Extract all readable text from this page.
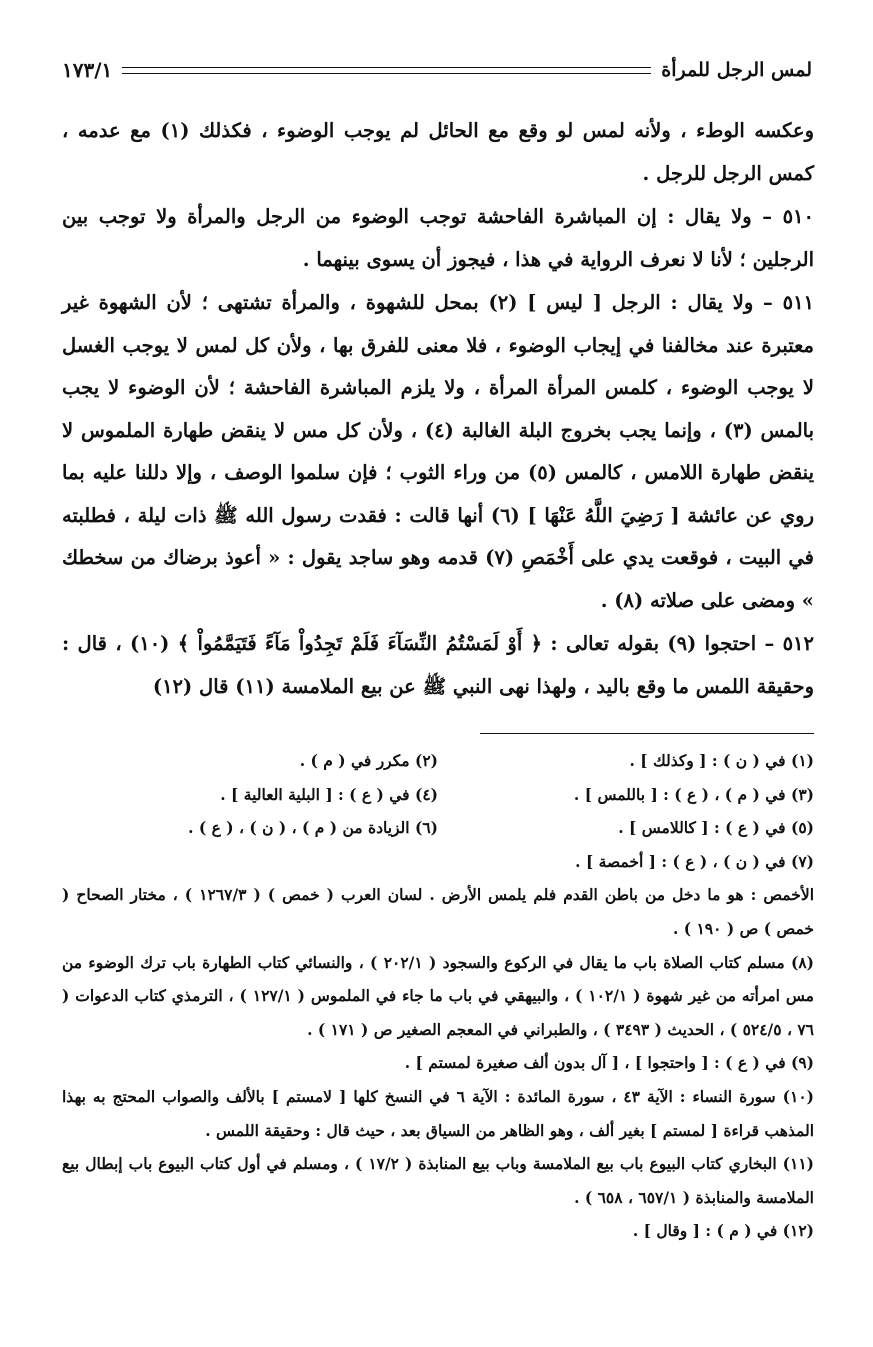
لمس الرجل للمرأة
١٧٣/١

وعكسه الوطء ، ولأنه لمس لو وقع مع الحائل لم يوجب الوضوء ، فكذلك (١) مع عدمه ، كمس الرجل للرجل .

٥١٠ – ولا يقال : إن المباشرة الفاحشة توجب الوضوء من الرجل والمرأة ولا توجب بين الرجلين ؛ لأنا لا نعرف الرواية في هذا ، فيجوز أن يسوى بينهما .

٥١١ – ولا يقال : الرجل [ ليس ] (٢) بمحل للشهوة ، والمرأة تشتهى ؛ لأن الشهوة غير معتبرة عند مخالفنا في إيجاب الوضوء ، فلا معنى للفرق بها ، ولأن كل لمس لا يوجب الغسل لا يوجب الوضوء ، كلمس المرأة المرأة ، ولا يلزم المباشرة الفاحشة ؛ لأن الوضوء لا يجب بالمس (٣) ، وإنما يجب بخروج البلة الغالبة (٤) ، ولأن كل مس لا ينقض طهارة الملموس لا ينقض طهارة اللامس ، كالمس (٥) من وراء الثوب ؛ فإن سلموا الوصف ، وإلا دللنا عليه بما روي عن عائشة [ رَضِيَ اللَّهُ عَنْهَا ] (٦) أنها قالت : فقدت رسول الله ﷺ ذات ليلة ، فطلبته في البيت ، فوقعت يدي على أَخْمَصِ (٧) قدمه وهو ساجد يقول : « أعوذ برضاك من سخطك » ومضى على صلاته (٨) .

٥١٢ – احتجوا (٩) بقوله تعالى : ﴿ أَوْ لَمَسْتُمُ النِّسَآءَ فَلَمْ تَجِدُواْ مَآءً فَتَيَمَّمُواْ ﴾ (١٠) ، قال : وحقيقة اللمس ما وقع باليد ، ولهذا نهى النبي ﷺ عن بيع الملامسة (١١) قال (١٢)

(١) في ( ن ) : [ وكذلك ] .
(٢) مكرر في ( م ) .
(٣) في ( م ) ، ( ع ) : [ باللمس ] .
(٤) في ( ع ) : [ البلية العالية ] .
(٥) في ( ع ) : [ كاللامس ] .
(٦) الزيادة من ( م ) ، ( ن ) ، ( ع ) .
(٧) في ( ن ) ، ( ع ) : [ أخمصة ] .
الأخمص : هو ما دخل من باطن القدم فلم يلمس الأرض . لسان العرب ( خمص ) ( ١٢٦٧/٣ ) ، مختار الصحاح ( خمص ) ص ( ١٩٠ ) .
(٨) مسلم كتاب الصلاة باب ما يقال في الركوع والسجود ( ٢٠٢/١ ) ، والنسائي كتاب الطهارة باب ترك الوضوء من مس امرأته من غير شهوة ( ١٠٢/١ ) ، والبيهقي في باب ما جاء في الملموس ( ١٢٧/١ ) ، الترمذي كتاب الدعوات ( ٧٦ ، ٥٢٤/٥ ) ، الحديث ( ٣٤٩٣ ) ، والطبراني في المعجم الصغير ص ( ١٧١ ) .
(٩) في ( ع ) : [ واحتجوا ] ، [ آل بدون ألف صغيرة لمستم ] .
(١٠) سورة النساء : الآية ٤٣ ، سورة المائدة : الآية ٦ في النسخ كلها [ لامستم ] بالألف والصواب المحتج به بهذا المذهب قراءة [ لمستم ] بغير ألف ، وهو الظاهر من السياق بعد ، حيث قال : وحقيقة اللمس .
(١١) البخاري كتاب البيوع باب بيع الملامسة وباب بيع المنابذة ( ١٧/٢ ) ، ومسلم في أول كتاب البيوع باب إبطال بيع الملامسة والمنابذة ( ٦٥٧/١ ، ٦٥٨ ) .
(١٢) في ( م ) : [ وقال ] .
